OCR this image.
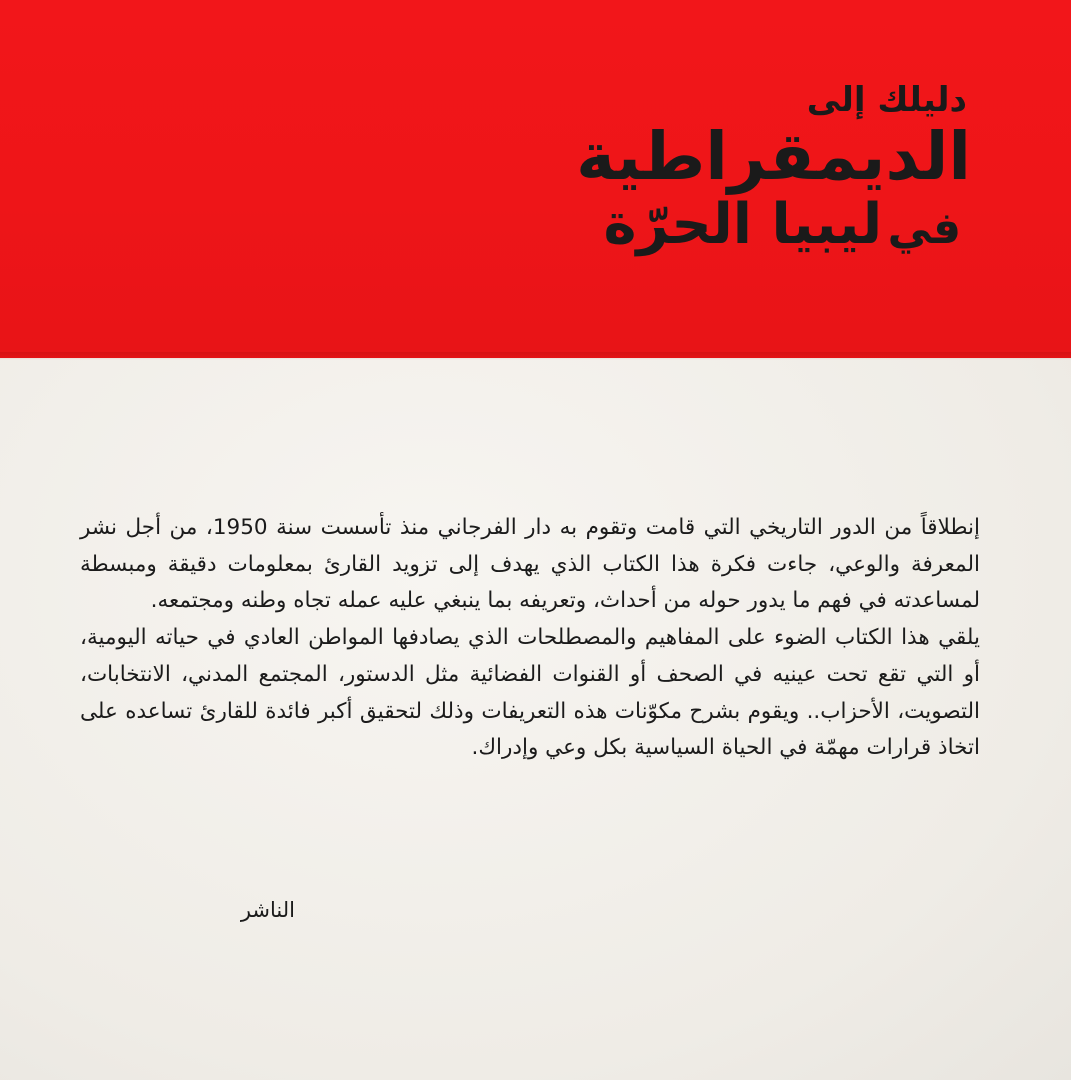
دليلك إلى
الديمقراطية
في ليبيا الحرّة

إنطلاقاً من الدور التاريخي التي قامت وتقوم به دار الفرجاني منذ تأسست سنة 1950، من أجل نشر المعرفة والوعي، جاءت فكرة هذا الكتاب الذي يهدف إلى تزويد القارئ بمعلومات دقيقة ومبسطة لمساعدته في فهم ما يدور حوله من أحداث، وتعريفه بما ينبغي عليه عمله تجاه وطنه ومجتمعه.

يلقي هذا الكتاب الضوء على المفاهيم والمصطلحات الذي يصادفها المواطن العادي في حياته اليومية، أو التي تقع تحت عينيه في الصحف أو القنوات الفضائية مثل الدستور، المجتمع المدني، الانتخابات، التصويت، الأحزاب.. ويقوم بشرح مكوّنات هذه التعريفات وذلك لتحقيق أكبر فائدة للقارئ تساعده على اتخاذ قرارات مهمّة في الحياة السياسية بكل وعي وإدراك.

الناشر
